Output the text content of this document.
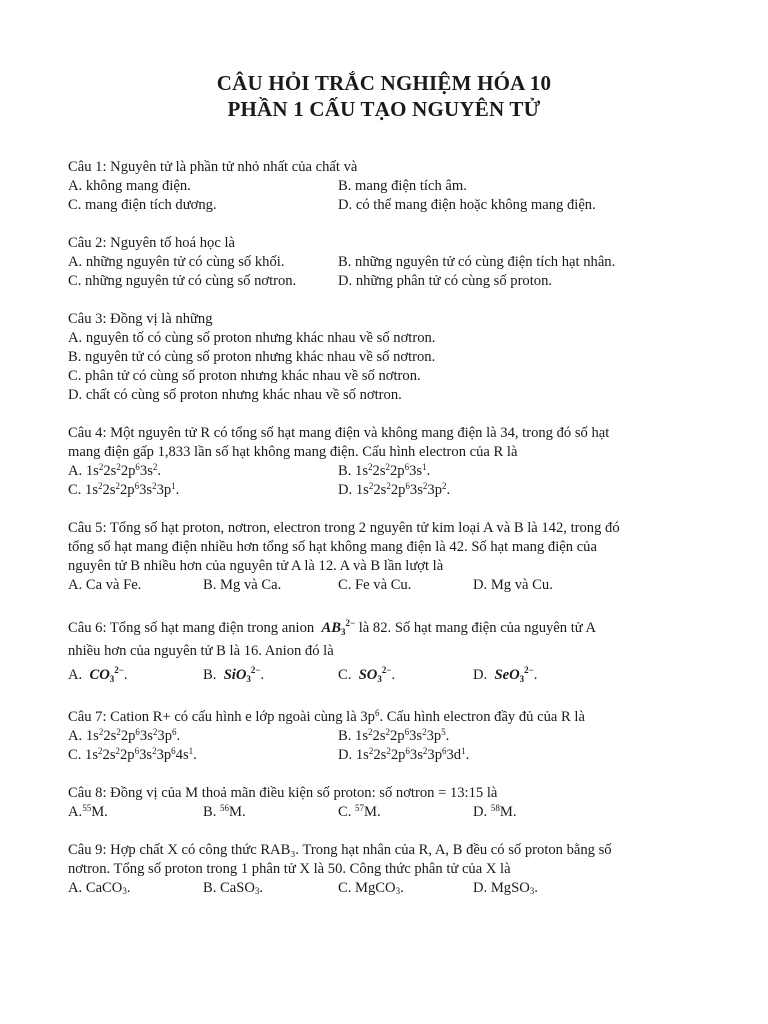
CÂU HỎI TRẮC NGHIỆM HÓA 10
PHẦN 1 CẤU TẠO NGUYÊN TỬ
Câu 1: Nguyên tử là phần tử nhỏ nhất của chất và
A. không mang điện.	B. mang điện tích âm.
C. mang điện tích dương.	D. có thể mang điện hoặc không mang điện.
Câu 2: Nguyên tố hoá học là
A. những nguyên tử có cùng số khối.	B. những nguyên tử có cùng điện tích hạt nhân.
C. những nguyên tử có cùng số nơtron.	D. những phân tử có cùng số proton.
Câu 3: Đồng vị là những
A. nguyên tố có cùng số proton nhưng khác nhau về số nơtron.
B. nguyên tử có cùng số proton nhưng khác nhau về số nơtron.
C. phân tử có cùng số proton nhưng khác nhau về số nơtron.
D. chất có cùng số proton nhưng khác nhau về số nơtron.
Câu 4: Một nguyên tử R có tổng số hạt mang điện và không mang điện là 34, trong đó số hạt
mang điện gấp 1,833 lần số hạt không mang điện. Cấu hình electron của R là
A. $1s^22s^22p^63s^2$.	B. $1s^22s^22p^63s^1$.
C. $1s^22s^22p^63s^23p^1$.	D. $1s^22s^22p^63s^23p^2$.
Câu 5: Tổng số hạt proton, nơtron, electron trong 2 nguyên tử kim loại A và B là 142, trong đó
tổng số hạt mang điện nhiều hơn tổng số hạt không mang điện là 42. Số hạt mang điện của
nguyên tử B nhiều hơn của nguyên tử A là 12. A và B lần lượt là
A. Ca và Fe.	B. Mg và Ca.	C. Fe và Cu.	D. Mg và Cu.
Câu 6: Tổng số hạt mang điện trong anion  $AB_3^{2-}$ là 82. Số hạt mang điện của nguyên tử A
nhiều hơn của nguyên tử B là 16. Anion đó là
A. $CO_3^{2-}$.	B. SiO$_3^{2-}$.	C. $SO_3^{2-}$.	D. SeO$_3^{2-}$.
Câu 7: Cation R+ có cấu hình e lớp ngoài cùng là $3p^6$. Cấu hình electron đầy đủ của R là
A. $1s^22s^22p^63s^23p^6$.	B. $1s^22s^22p^63s^23p^5$.
C. $1s^22s^22p^63s^23p^64s^1$.	D. $1s^22s^22p^63s^23p^63d^1$.
Câu 8: Đồng vị của M thoả mãn điều kiện số proton: số nơtron = 13:15 là
A.$^{55}$M.	B. $^{56}$M.	C. $^{57}$M.	D. $^{58}$M.
Câu 9: Hợp chất X có công thức RAB₃. Trong hạt nhân của R, A, B đều có số proton bằng số
nơtron. Tổng số proton trong 1 phân tử X là 50. Công thức phân tử của X là
A. CaCO$_3$.	B. CaSO$_3$.	C. MgCO$_3$.	D. MgSO$_3$.
